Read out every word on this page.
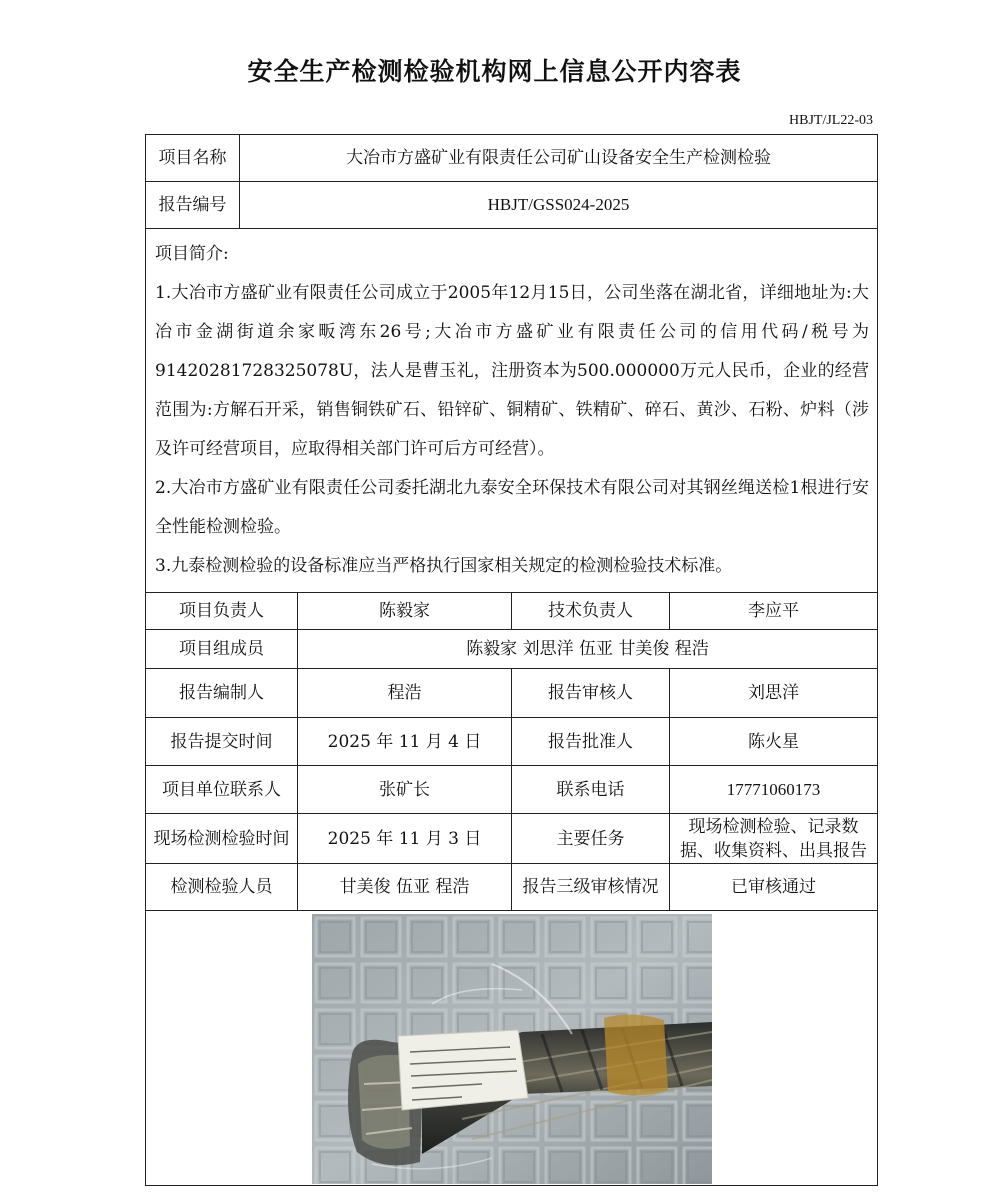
安全生产检测检验机构网上信息公开内容表
HBJT/JL22-03
项目名称	大冶市方盛矿业有限责任公司矿山设备安全生产检测检验			
报告编号	HBJT/GSS024-2025			

项目简介:

1.大冶市方盛矿业有限责任公司成立于2005年12月15日，公司坐落在湖北省，详细地址为:大冶市金湖街道余家畈湾东26号;大冶市方盛矿业有限责任公司的信用代码/税号为91420281728325078U，法人是曹玉礼，注册资本为500.000000万元人民币，企业的经营范围为:方解石开采，销售铜铁矿石、铅锌矿、铜精矿、铁精矿、碎石、黄沙、石粉、炉料（涉及许可经营项目，应取得相关部门许可后方可经营）。

2.大冶市方盛矿业有限责任公司委托湖北九泰安全环保技术有限公司对其钢丝绳送检1根进行安全性能检测检验。

3.九泰检测检验的设备标准应当严格执行国家相关规定的检测检验技术标准。				

项目负责人		陈毅家	技术负责人	李应平
项目组成员		陈毅家 刘思洋 伍亚 甘美俊 程浩		
报告编制人		程浩	报告审核人	刘思洋
报告提交时间		2025 年 11 月 4 日	报告批准人	陈火星
项目单位联系人		张矿长	联系电话	17771060173
现场检测检验时间		2025 年 11 月 3 日	主要任务	现场检测检验、记录数据、收集资料、出具报告
检测检验人员		甘美俊 伍亚 程浩	报告三级审核情况	已审核通过
